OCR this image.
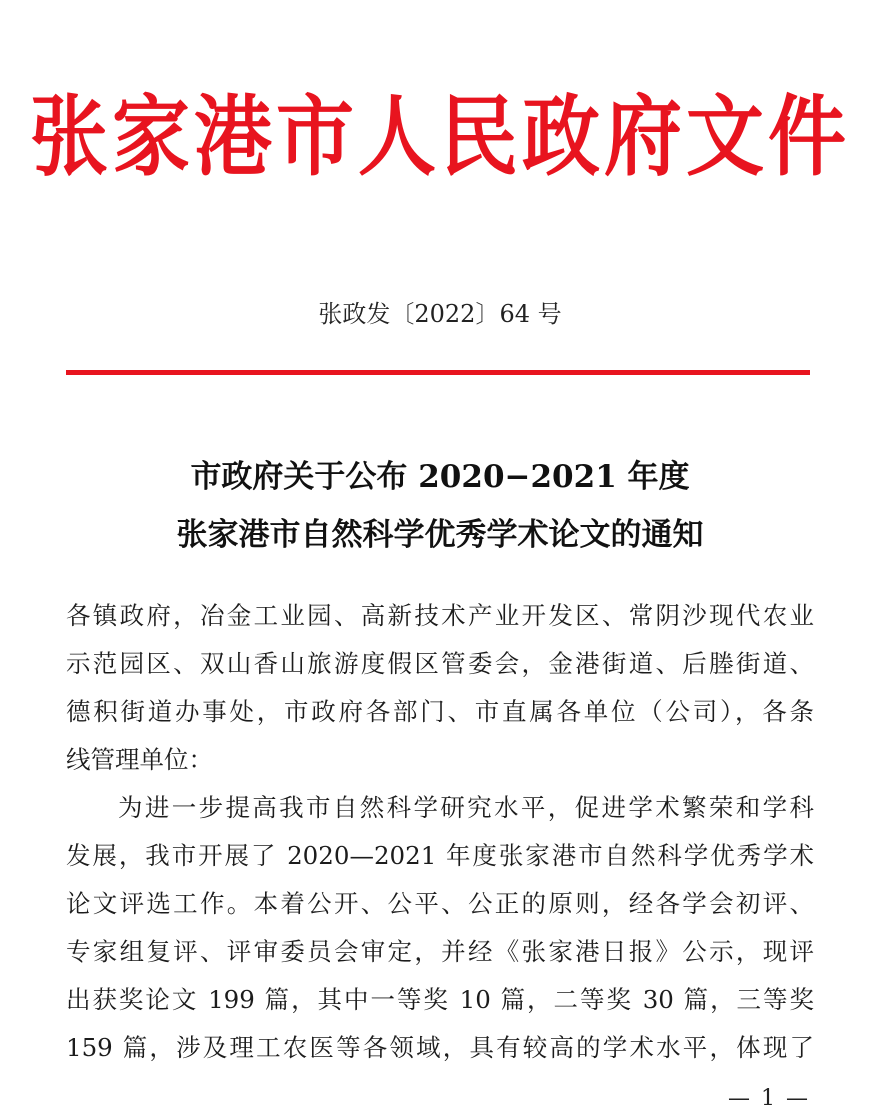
张家港市人民政府文件
张政发〔2022〕64 号
市政府关于公布 2020−2021 年度
张家港市自然科学优秀学术论文的通知
各镇政府，冶金工业园、高新技术产业开发区、常阴沙现代农业
示范园区、双山香山旅游度假区管委会，金港街道、后塍街道、
德积街道办事处，市政府各部门、市直属各单位（公司），各条
线管理单位：
为进一步提高我市自然科学研究水平，促进学术繁荣和学科
发展，我市开展了 2020—2021 年度张家港市自然科学优秀学术
论文评选工作。本着公开、公平、公正的原则，经各学会初评、
专家组复评、评审委员会审定，并经《张家港日报》公示，现评
出获奖论文 199 篇，其中一等奖 10 篇，二等奖 30 篇，三等奖
159 篇，涉及理工农医等各领域，具有较高的学术水平，体现了
— 1 —
